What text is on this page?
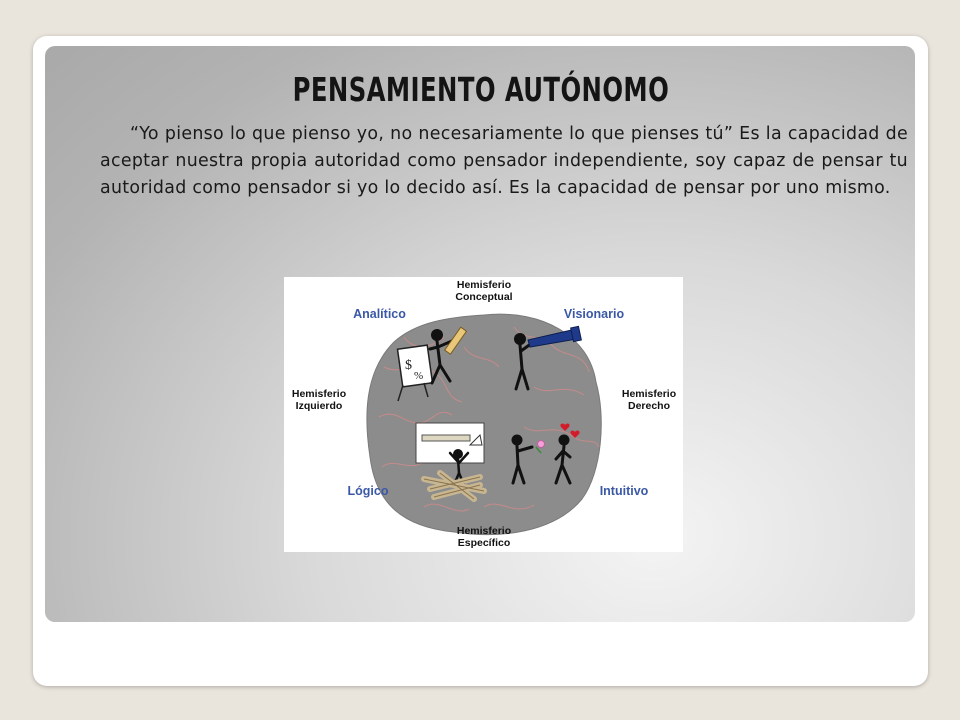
PENSAMIENTO AUTÓNOMO
“Yo pienso lo que pienso yo, no necesariamente lo que pienses tú” Es la capacidad de aceptar nuestra propia autoridad como pensador independiente, soy capaz de pensar tu autoridad como pensador si yo lo decido así. Es la capacidad de pensar por uno mismo.
$
%
Hemisferio
Conceptual
Hemisferio
Específico
Hemisferio
Izquierdo
Hemisferio
Derecho
Analítico	Visionario
Lógico	Intuitivo
